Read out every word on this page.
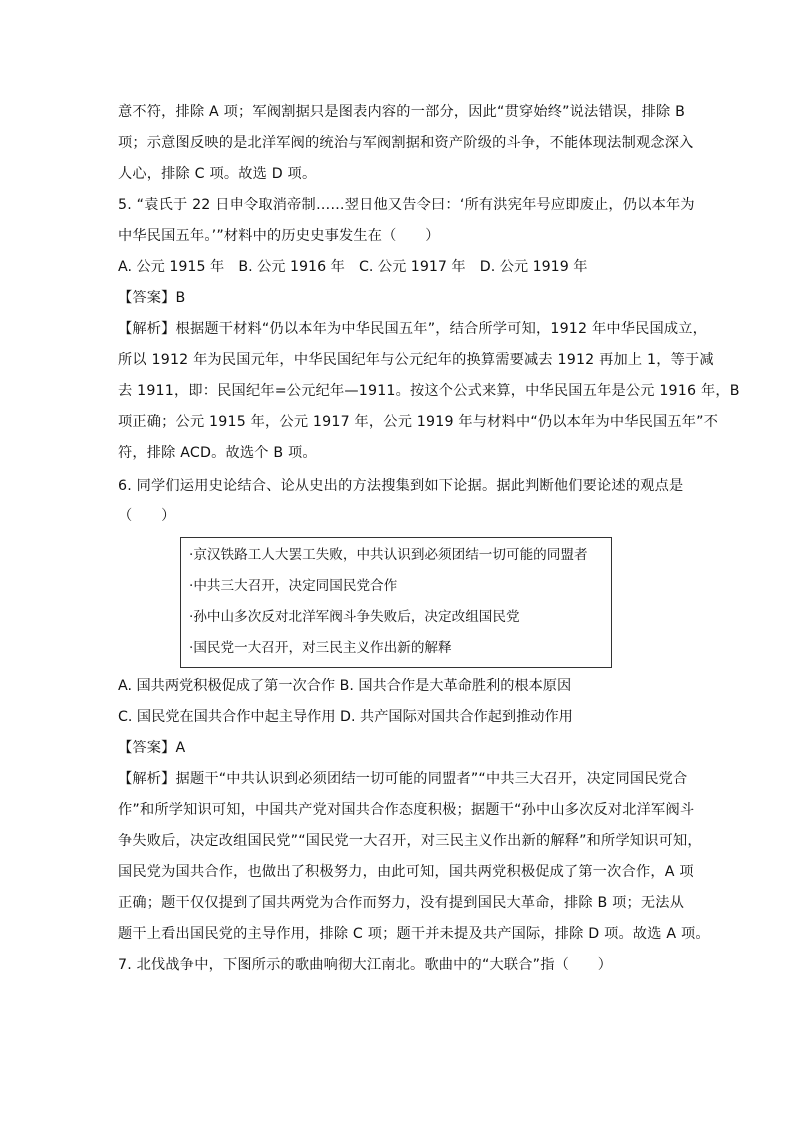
意不符，排除 A 项；军阀割据只是图表内容的一部分，因此“贯穿始终”说法错误，排除 B
项；示意图反映的是北洋军阀的统治与军阀割据和资产阶级的斗争，不能体现法制观念深入
人心，排除 C 项。故选 D 项。
5. “袁氏于 22 日申令取消帝制……翌日他又告令曰：‘所有洪宪年号应即废止，仍以本年为
中华民国五年。’”材料中的历史史事发生在（　　）
A. 公元 1915 年　B. 公元 1916 年　C. 公元 1917 年　D. 公元 1919 年
【答案】B
【解析】根据题干材料“仍以本年为中华民国五年”，结合所学可知，1912 年中华民国成立，
所以 1912 年为民国元年，中华民国纪年与公元纪年的换算需要减去 1912 再加上 1，等于减
去 1911，即：民国纪年=公元纪年—1911。按这个公式来算，中华民国五年是公元 1916 年，B
项正确；公元 1915 年，公元 1917 年，公元 1919 年与材料中“仍以本年为中华民国五年”不
符，排除 ACD。故选个 B 项。
6. 同学们运用史论结合、论从史出的方法搜集到如下论据。据此判断他们要论述的观点是
（　　）
·京汉铁路工人大罢工失败，中共认识到必须团结一切可能的同盟者
·中共三大召开，决定同国民党合作
·孙中山多次反对北洋军阀斗争失败后，决定改组国民党
·国民党一大召开，对三民主义作出新的解释
A. 国共两党积极促成了第一次合作 B. 国共合作是大革命胜利的根本原因
C. 国民党在国共合作中起主导作用 D. 共产国际对国共合作起到推动作用
【答案】A
【解析】据题干“中共认识到必须团结一切可能的同盟者”“中共三大召开，决定同国民党合
作”和所学知识可知，中国共产党对国共合作态度积极；据题干“孙中山多次反对北洋军阀斗
争失败后，决定改组国民党”“国民党一大召开，对三民主义作出新的解释”和所学知识可知，
国民党为国共合作，也做出了积极努力，由此可知，国共两党积极促成了第一次合作，A 项
正确；题干仅仅提到了国共两党为合作而努力，没有提到国民大革命，排除 B 项；无法从
题干上看出国民党的主导作用，排除 C 项；题干并未提及共产国际，排除 D 项。故选 A 项。
7. 北伐战争中，下图所示的歌曲响彻大江南北。歌曲中的“大联合”指（　　）
